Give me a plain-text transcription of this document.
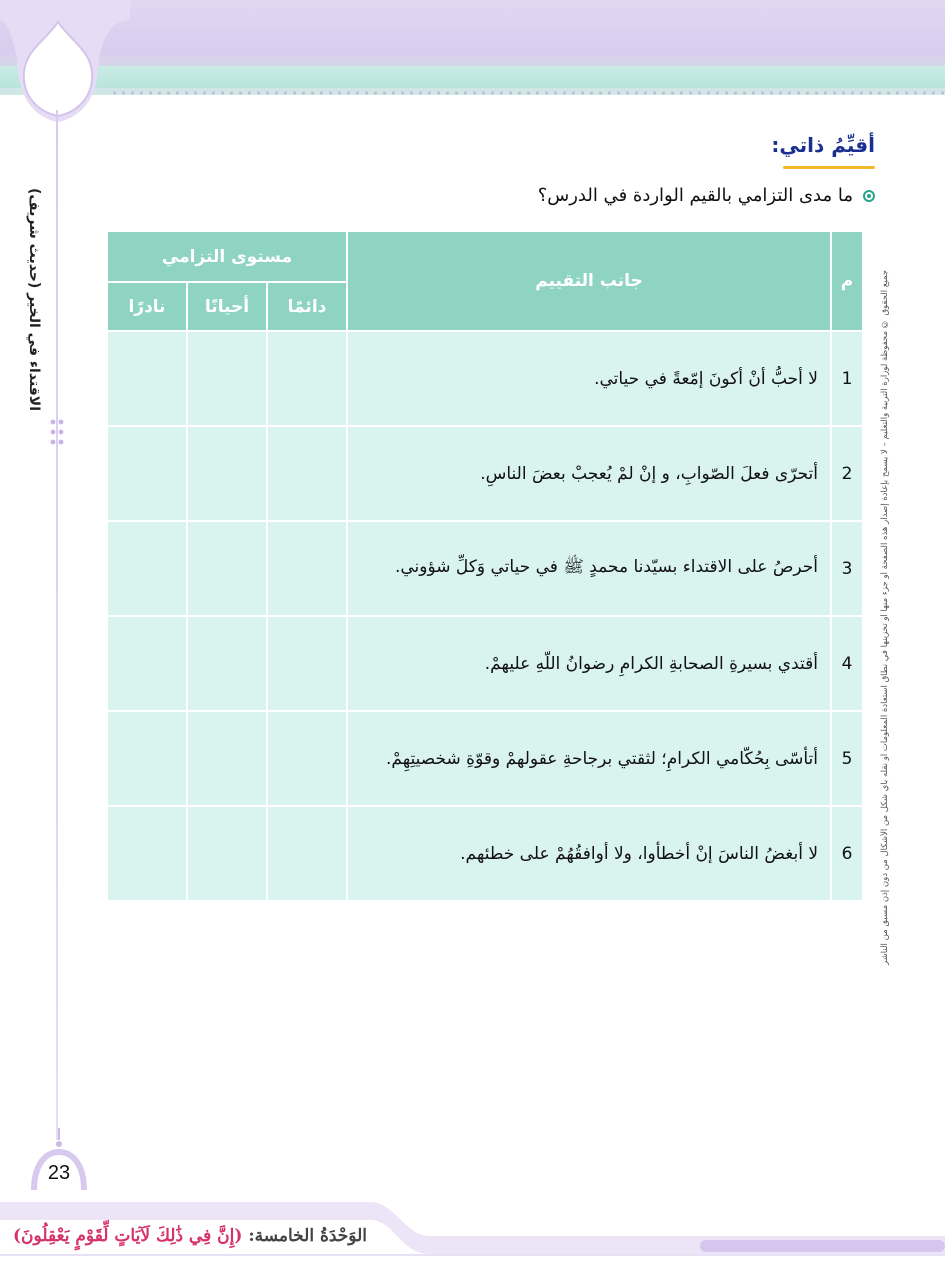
الاقتداء في الخير (حديث شريف)	جميع الحقوق © محفوظة لوزارة التربية والتعليم – لا يسمح بإعادة إصدار هذه الصفحة أو جزء منها أو تخزينها في نطاق استعادة المعلومات أو نقله بأي شكل من الأشكال من دون إذن مسبق من الناشر
أقيِّمُ ذاتي:
ما مدى التزامي بالقيم الواردة في الدرس؟
م	جانب التقييم	مستوى التزامي		
		دائمًا	أحيانًا	نادرًا
1	لا أحبُّ أنْ أكونَ إمّعةً في حياتي.			
2	أتحرّى فعلَ الصّوابِ، و إنْ لمْ يُعجبْ بعضَ الناسِ.			
3	أحرصُ على الاقتداء بسيّدنا محمدٍ ﷺ في حياتي وَكلِّ شؤوني.			
4	أقتدي بسيرةِ الصحابةِ الكرامِ رضوانُ اللّهِ عليهمْ.			
5	أتأسّى بِحُكّامي الكرامِ؛ لثقتي برجاحةِ عقولهمْ وقوّةِ شخصيتِهِمْ.			
6	لا أبغضُ الناسَ إنْ أخطأوا، ولا أوافقُهُمْ على خطئهم.			
23
الوَحْدَةُ الخامسة: (إِنَّ فِي ذَٰلِكَ لَآيَاتٍ لِّقَوْمٍ يَعْقِلُونَ)
